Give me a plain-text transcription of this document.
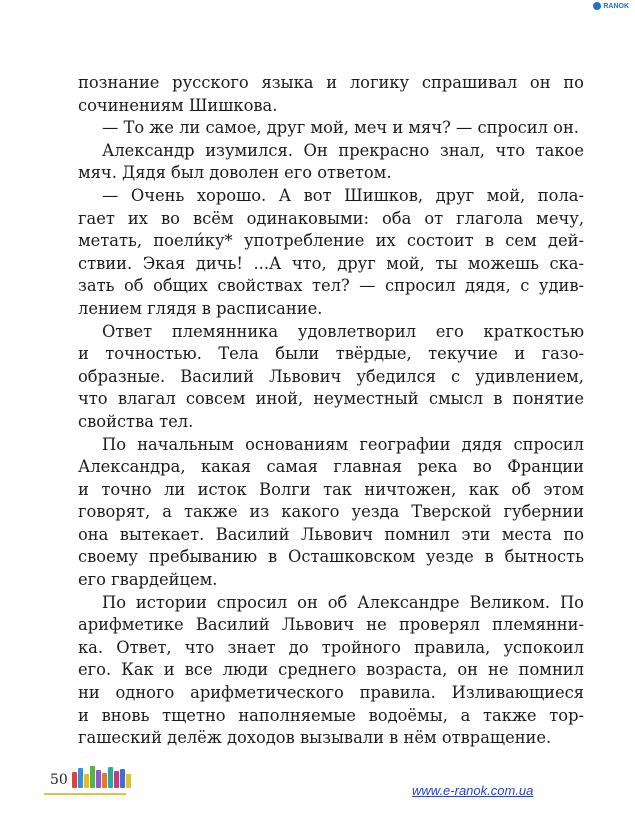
RANOK

познание русского языка и логику спрашивал он по

сочинениям Шишкова.

— То же ли самое, друг мой, меч и мяч? — спросил он.

Александр изумился. Он прекрасно знал, что такое

мяч. Дядя был доволен его ответом.

— Очень хорошо. А вот Шишков, друг мой, пола-

гает их во всём одинаковыми: оба от глагола мечу,

метать, поели́ку* употребление их состоит в сем дей-

ствии. Экая дичь! ...А что, друг мой, ты можешь ска-

зать об общих свойствах тел? — спросил дядя, с удив-

лением глядя в расписание.

Ответ племянника удовлетворил его краткостью

и точностью. Тела были твёрдые, текучие и газо-

образные. Василий Львович убедился с удивлением,

что влагал совсем иной, неуместный смысл в понятие

свойства тел.

По начальным основаниям географии дядя спросил

Александра, какая самая главная река во Франции

и точно ли исток Волги так ничтожен, как об этом

говорят, а также из какого уезда Тверской губернии

она вытекает. Василий Львович помнил эти места по

своему пребыванию в Осташковском уезде в бытность

его гвардейцем.

По истории спросил он об Александре Великом. По

арифметике Василий Львович не проверял племянни-

ка. Ответ, что знает до тройного правила, успокоил

его. Как и все люди среднего возраста, он не помнил

ни одного арифметического правила. Изливающиеся

и вновь тщетно наполняемые водоёмы, а также тор-

гашеский делёж доходов вызывали в нём отвращение.

50
www.e-ranok.com.ua
